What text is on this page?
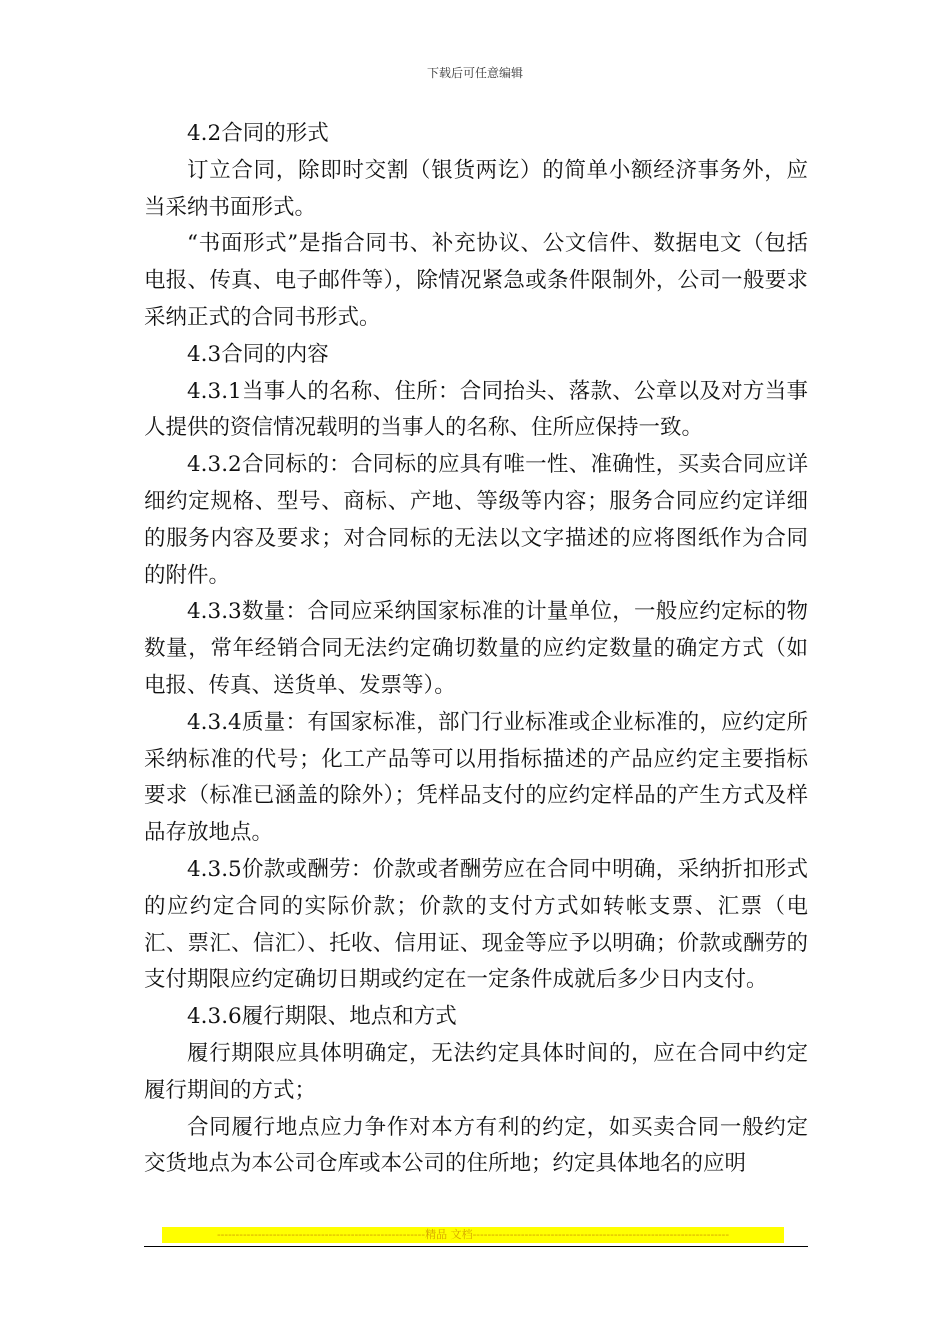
下载后可任意编辑

4.2合同的形式

订立合同，除即时交割（银货两讫）的简单小额经济事务外，应当采纳书面形式。

“书面形式”是指合同书、补充协议、公文信件、数据电文（包括电报、传真、电子邮件等），除情况紧急或条件限制外，公司一般要求采纳正式的合同书形式。

4.3合同的内容

4.3.1当事人的名称、住所：合同抬头、落款、公章以及对方当事人提供的资信情况载明的当事人的名称、住所应保持一致。

4.3.2合同标的：合同标的应具有唯一性、准确性，买卖合同应详细约定规格、型号、商标、产地、等级等内容；服务合同应约定详细的服务内容及要求；对合同标的无法以文字描述的应将图纸作为合同的附件。

4.3.3数量：合同应采纳国家标准的计量单位，一般应约定标的物数量，常年经销合同无法约定确切数量的应约定数量的确定方式（如电报、传真、送货单、发票等）。

4.3.4质量：有国家标准，部门行业标准或企业标准的，应约定所采纳标准的代号；化工产品等可以用指标描述的产品应约定主要指标要求（标准已涵盖的除外）；凭样品支付的应约定样品的产生方式及样品存放地点。

4.3.5价款或酬劳：价款或者酬劳应在合同中明确，采纳折扣形式的应约定合同的实际价款；价款的支付方式如转帐支票、汇票（电汇、票汇、信汇）、托收、信用证、现金等应予以明确；价款或酬劳的支付期限应约定确切日期或约定在一定条件成就后多少日内支付。

4.3.6履行期限、地点和方式

履行期限应具体明确定，无法约定具体时间的，应在合同中约定履行期间的方式；

合同履行地点应力争作对本方有利的约定，如买卖合同一般约定交货地点为本公司仓库或本公司的住所地；约定具体地名的应明

--------------------------------------------------------精品 文档---------------------------------------------------------------------
